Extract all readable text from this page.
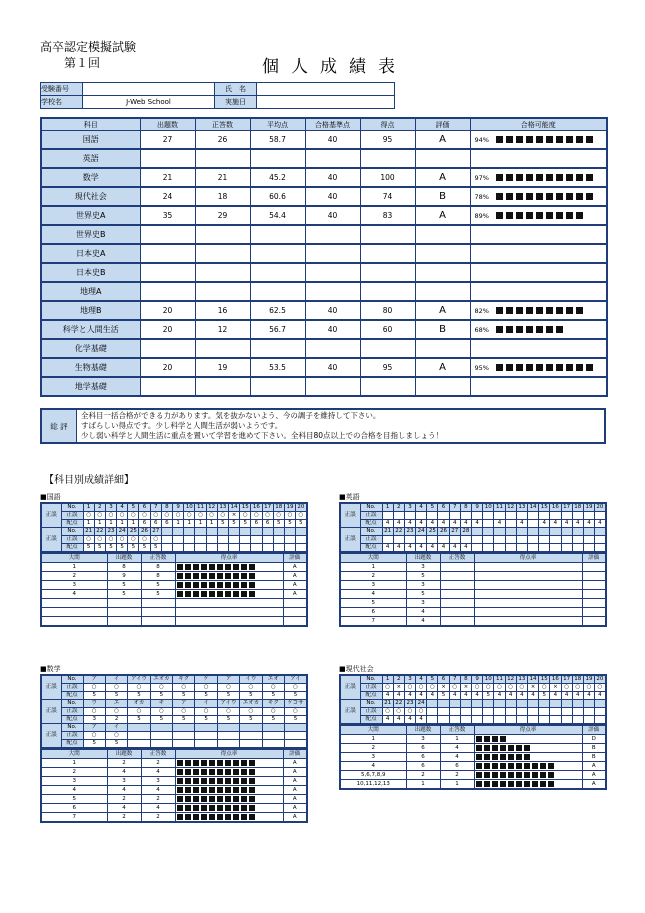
高卒認定模擬試験
第１回	個人成績表
受験番号		氏　名	
学校名	J-Web School	実施日	
科目	出題数	正答数	平均点	合格基準点	得点	評価	合格可能度
国語	27	26	58.7	40	95	A	94%

英語							

数学	21	21	45.2	40	100	A	97%

現代社会	24	18	60.6	40	74	B	78%

世界史A	35	29	54.4	40	83	A	89%

世界史B							

日本史A							

日本史B							

地理A							

地理B	20	16	62.5	40	80	A	82%

科学と人間生活	20	12	56.7	40	60	B	68%

化学基礎							

生物基礎	20	19	53.5	40	95	A	95%

地学基礎							
総 評	
全科目一括合格ができる力があります。気を抜かないよう、今の調子を維持して下さい。
すばらしい得点です。少し科学と人間生活が弱いようです。
少し弱い科学と人間生活に重点を置いて学習を進めて下さい。全科目80点以上での合格を目指しましょう！
【科目別成績詳細】
■国語
正誤	No.	1	2	3	4	5	6	7	8	9	10	11	12	13	14	15	16	17	18	19	20
	正誤	○	○	○	○	○	○	○	○	○	○	○	○	○	×	○	○	○	○	○	○
	配点	1	1	1	1	1	6	6	6	1	1	1	1	5	5	5	6	6	5	5	5
正誤	No.	21	22	23	24	25	26	27													
	正誤	○	○	○	○	○	○	○													
	配点	5	5	5	5	5	5	5													
大問	出題数	正答数	得点率	評価
1	8	8		A
2	9	8		A
3	5	5		A
4	5	5		A

■英語
正誤	No.	1	2	3	4	5	6	7	8	9	10	11	12	13	14	15	16	17	18	19	20
	正誤																				
	配点	4	4	4	4	4	4	4	4	4		4		4		4	4	4	4	4	4
正誤	No.	21	22	23	24	25	26	27	28												
	正誤																				
	配点	4	4	4	4	4	4	4	4												
大問	出題数	正答数	得点率	評価
1	3			
2	5			
3	3			
4	5			
5	3			
6	4			
7	4			
■数学
正誤	No.	ア	イ	アイウ	エオカ	キク	ケ	ア	イウ	エオ	アイ
	正誤	○	○	○	○	○	○	○	○	○	○
	配点	5	5	5	5	5	5	5	5	5	5
正誤	No.	ウ	エ	オカ	キ	ア	イ	アイウ	エオカ	キク	ケコサ
	正誤	○	○	○	○	○	○	○	○	○	○
	配点	3	2	5	5	5	5	5	5	5	5
正誤	No.	ア	イ								
	正誤	○	○								
	配点	5	5								
大問	出題数	正答数	得点率	評価
1	2	2		A
2	4	4		A
3	3	3		A
4	4	4		A
5	2	2		A
6	4	4		A
7	2	2		A
■現代社会
正誤	No.	1	2	3	4	5	6	7	8	9	10	11	12	13	14	15	16	17	18	19	20
	正誤	○	×	○	○	○	×	○	×	○	○	○	○	○	×	○	×	○	○	○	○
	配点	4	4	4	4	4	5	4	4	4	5	4	4	4	4	5	4	4	4	4	4
正誤	No.	21	22	23	24																
	正誤	○	○	○	○																
	配点	4	4	4	4																
大問	出題数	正答数	得点率	評価
1	3	1		D
2	6	4		B
3	6	4		B
4	6	6		A
5,6,7,8,9	2	2		A
10,11,12,13	1	1		A
